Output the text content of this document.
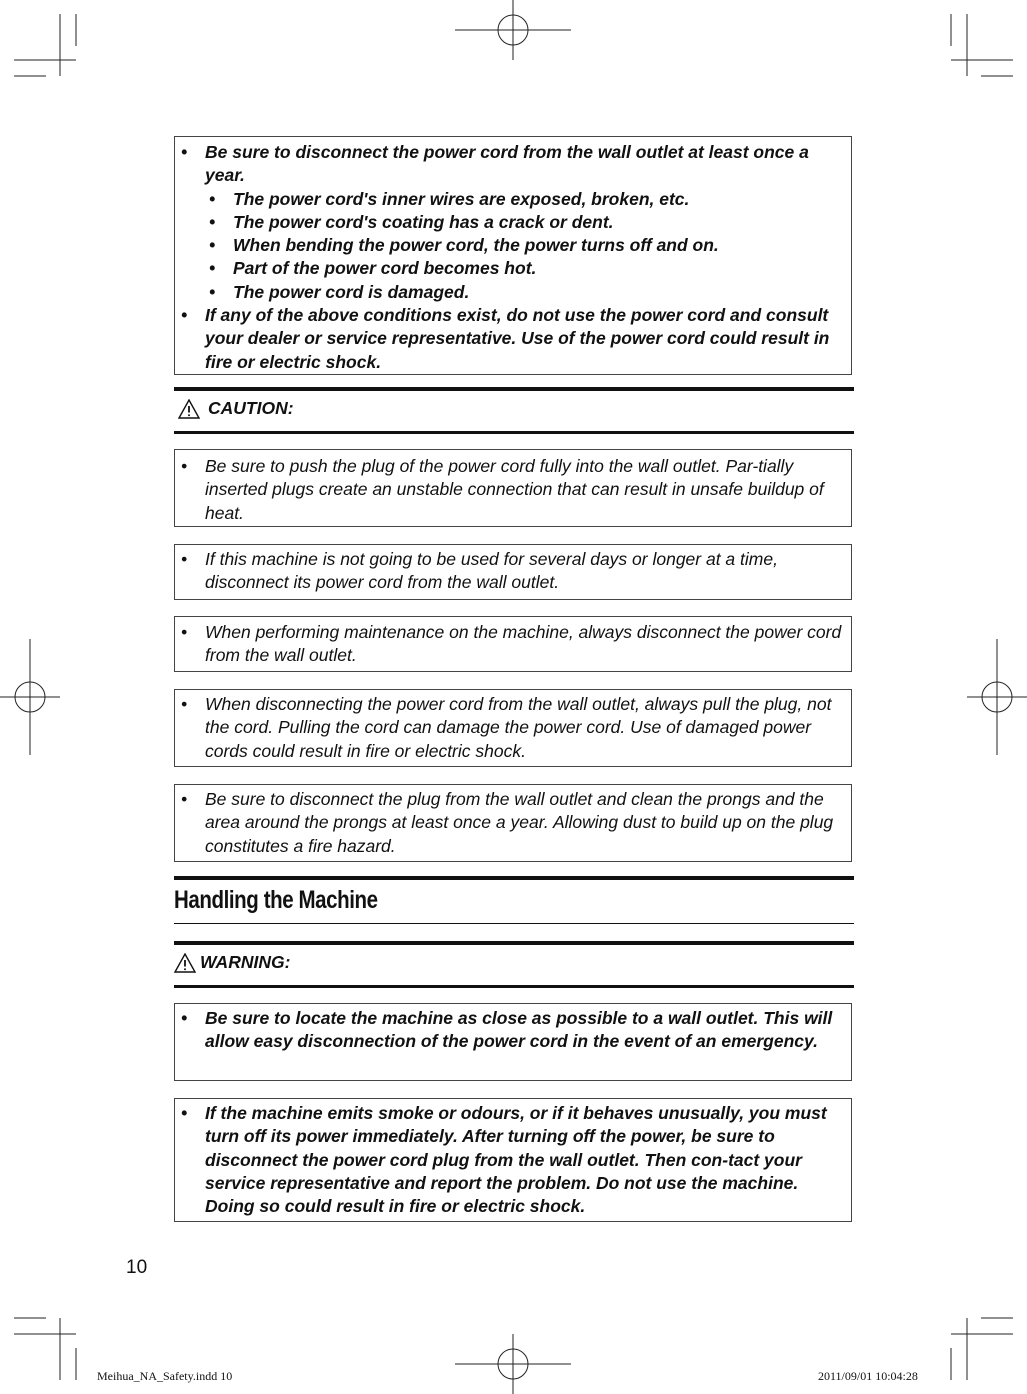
• Be sure to disconnect the power cord from the wall outlet at least once a year.
• The power cord's inner wires are exposed, broken, etc.
• The power cord's coating has a crack or dent.
• When bending the power cord, the power turns off and on.
• Part of the power cord becomes hot.
• The power cord is damaged.
• If any of the above conditions exist, do not use the power cord and consult your dealer or service representative. Use of the power cord could result in fire or electric shock.
CAUTION:
• Be sure to push the plug of the power cord fully into the wall outlet. Par-tially inserted plugs create an unstable connection that can result in unsafe buildup of heat.
• If this machine is not going to be used for several days or longer at a time, disconnect its power cord from the wall outlet.
• When performing maintenance on the machine, always disconnect the power cord from the wall outlet.
• When disconnecting the power cord from the wall outlet, always pull the plug, not the cord. Pulling the cord can damage the power cord. Use of damaged power cords could result in fire or electric shock.
• Be sure to disconnect the plug from the wall outlet and clean the prongs and the area around the prongs at least once a year. Allowing dust to build up on the plug constitutes a fire hazard.
Handling the Machine
WARNING:
• Be sure to locate the machine as close as possible to a wall outlet. This will allow easy disconnection of the power cord in the event of an emergency.
• If the machine emits smoke or odours, or if it behaves unusually, you must turn off its power immediately. After turning off the power, be sure to disconnect the power cord plug from the wall outlet. Then con-tact your service representative and report the problem. Do not use the machine. Doing so could result in fire or electric shock.
10
Meihua_NA_Safety.indd 10	2011/09/01 10:04:28
